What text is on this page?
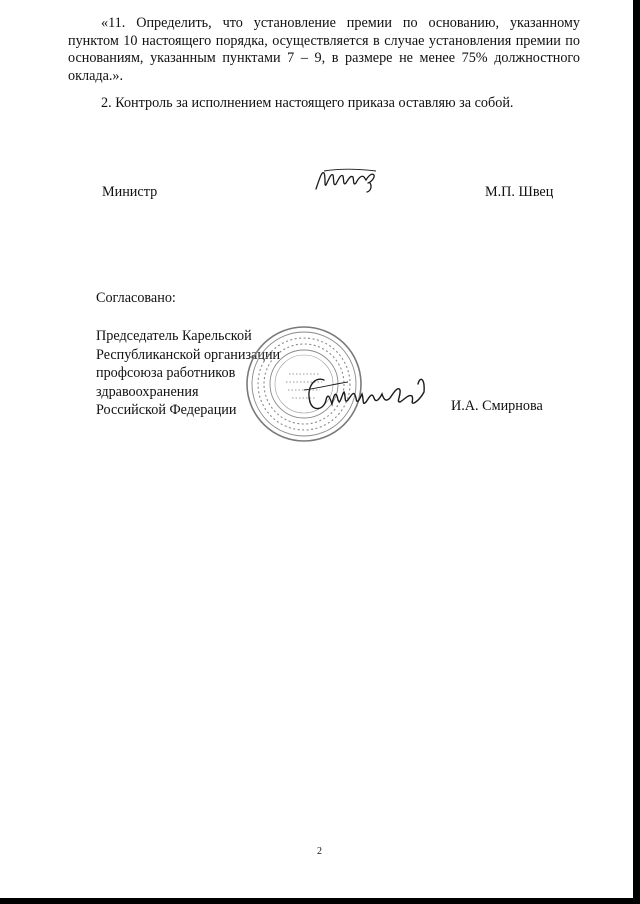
«11. Определить, что установление премии по основанию, указанному пунктом 10 настоящего порядка, осуществляется в случае установления премии по основаниям, указанным пунктами 7 – 9, в размере не менее 75% должностного оклада.».

2. Контроль за исполнением настоящего приказа оставляю за собой.

Министр	М.П. Швец
Согласовано:
Председатель Карельской
Республиканской организации
профсоюза работников
здравоохранения
Российской Федерации	И.А. Смирнова
2
